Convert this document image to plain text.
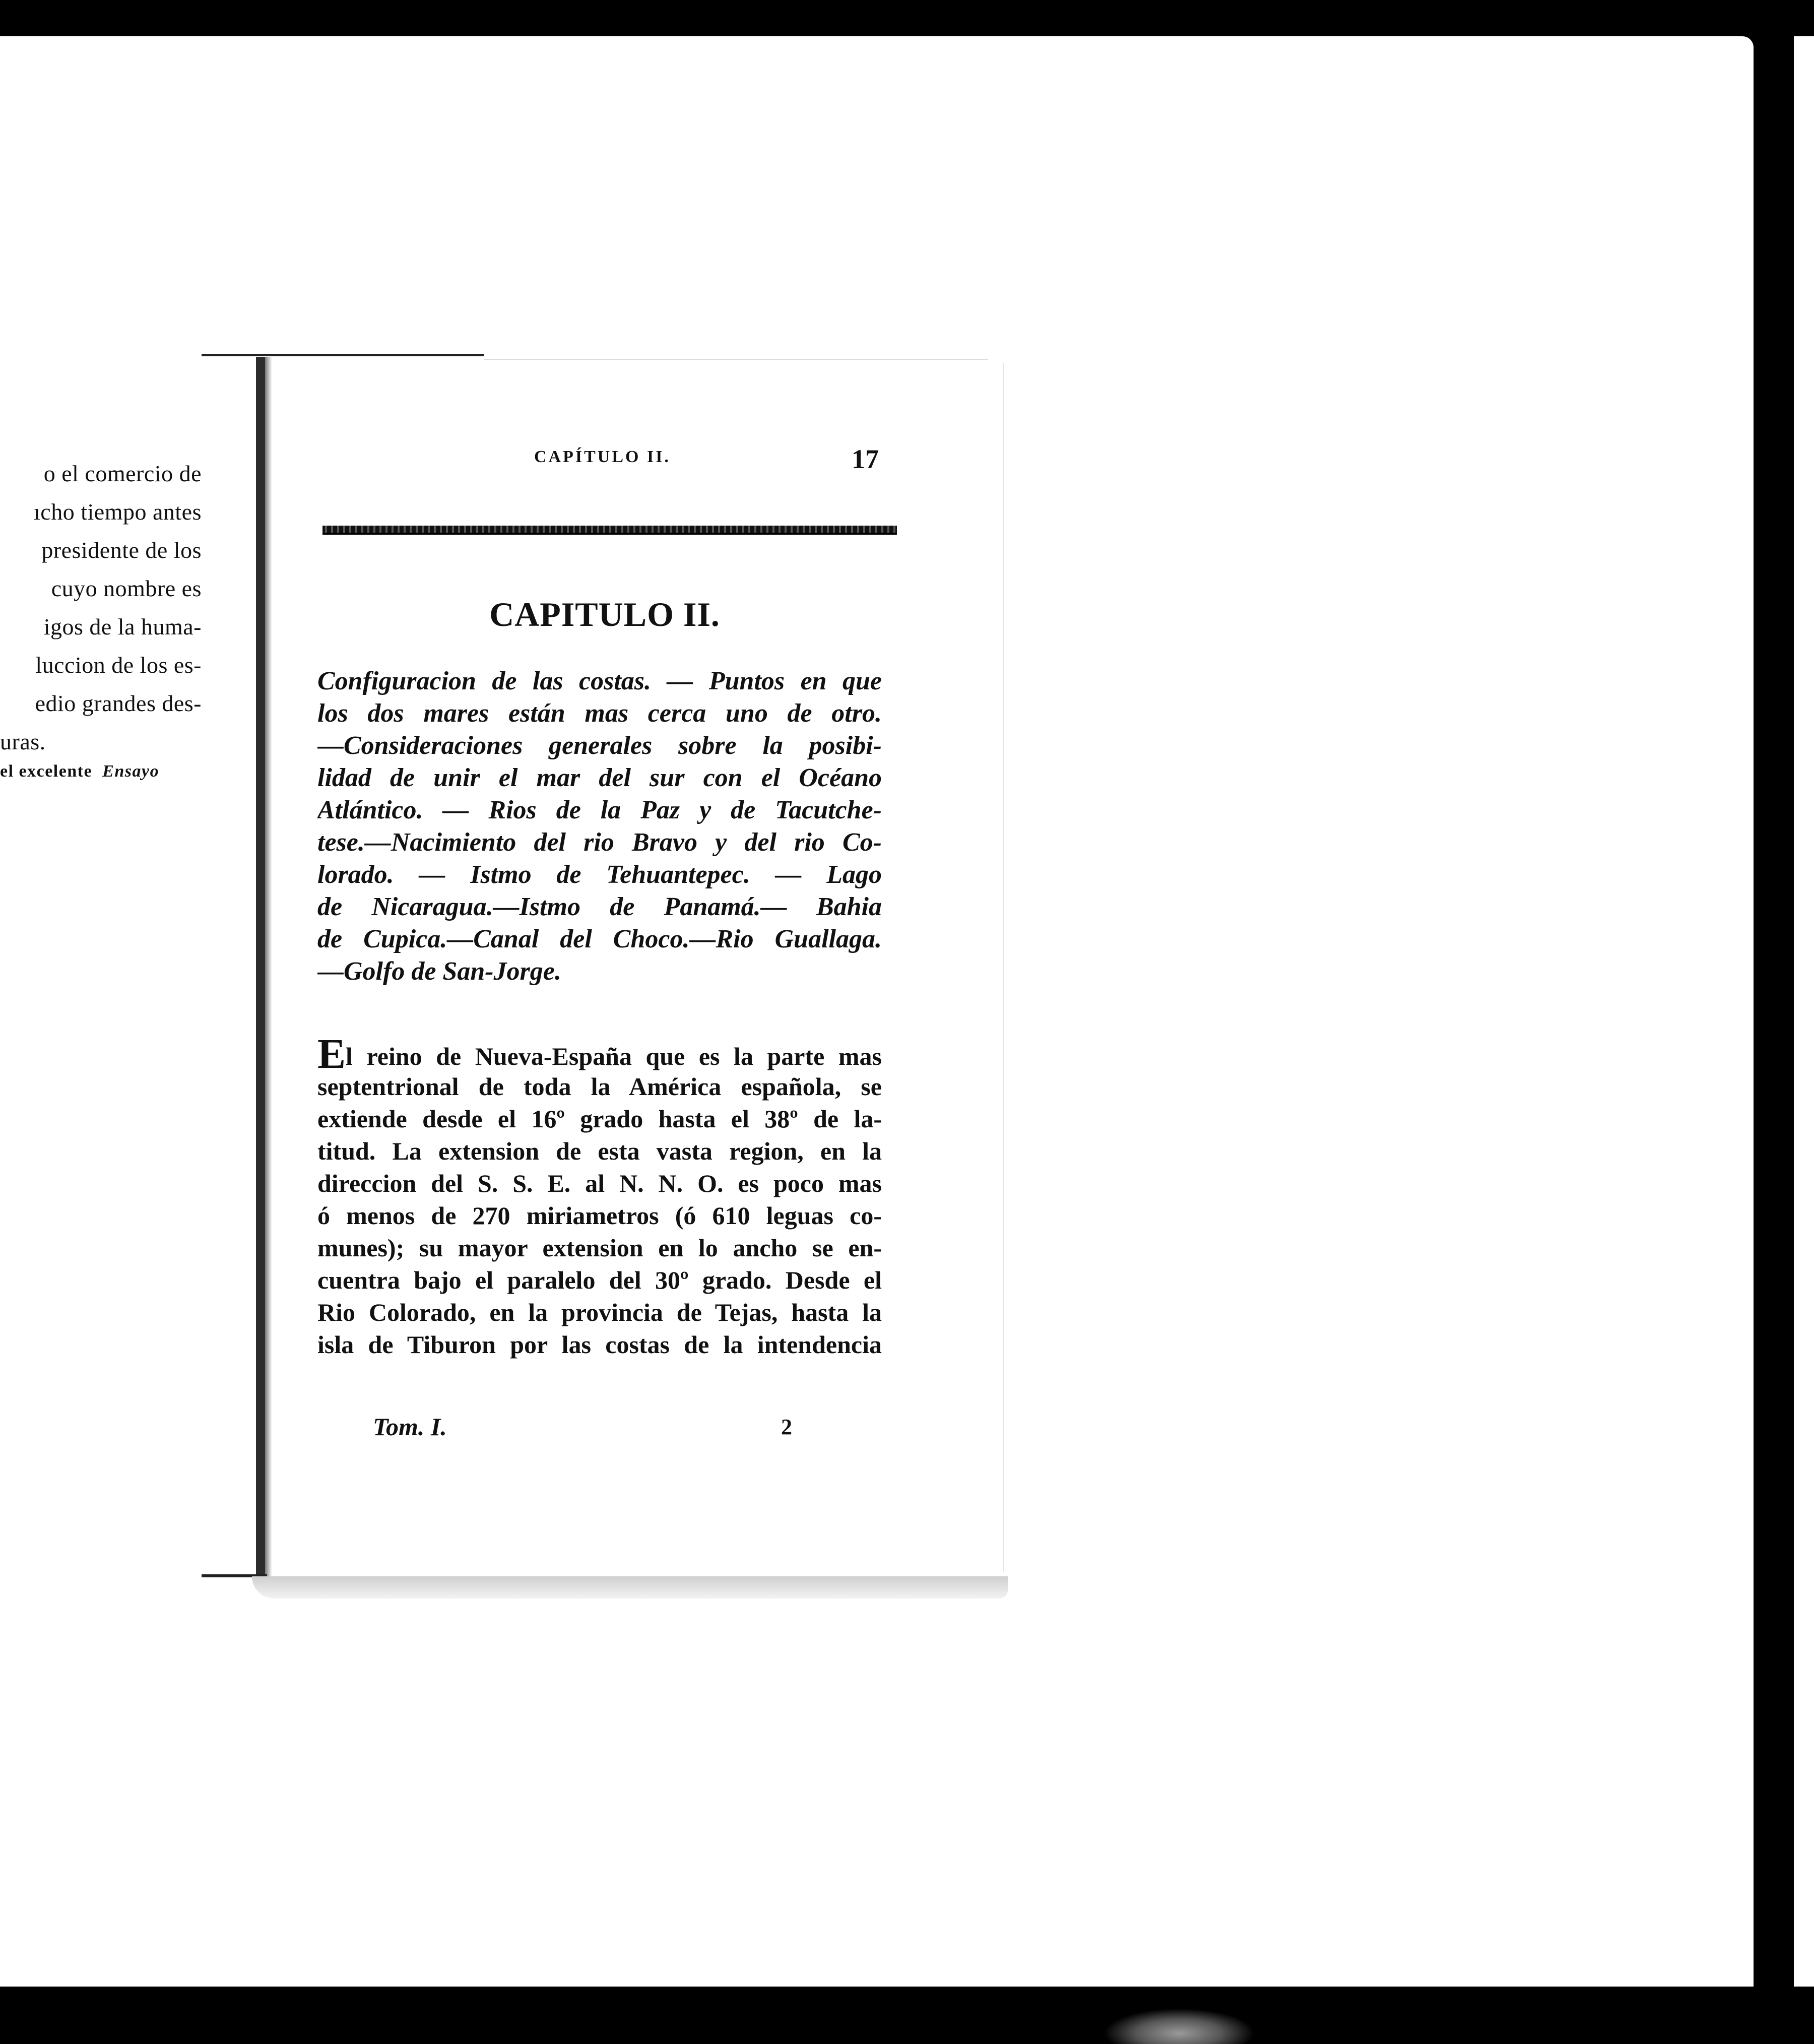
o el comercio de
ıcho tiempo antes
presidente de los
cuyo nombre es
igos de la huma-
luccion de los es-
edio grandes des-
uras.
el excelente Ensayo
CAPÍTULO II.	17
CAPITULO II.
Configuracion de las costas. — Puntos en que
los dos mares están mas cerca uno de otro.
—Consideraciones generales sobre la posibi-
lidad de unir el mar del sur con el Océano
Atlántico. — Rios de la Paz y de Tacutche-
tese.—Nacimiento del rio Bravo y del rio Co-
lorado. — Istmo de Tehuantepec. — Lago
de Nicaragua.—Istmo de Panamá.— Bahia
de Cupica.—Canal del Choco.—Rio Guallaga.
—Golfo de San-Jorge.
El reino de Nueva-España que es la parte mas
septentrional de toda la América española, se
extiende desde el 16º grado hasta el 38º de la-
titud. La extension de esta vasta region, en la
direccion del S. S. E. al N. N. O. es poco mas
ó menos de 270 miriametros (ó 610 leguas co-
munes); su mayor extension en lo ancho se en-
cuentra bajo el paralelo del 30º grado. Desde el
Rio Colorado, en la provincia de Tejas, hasta la
isla de Tiburon por las costas de la intendencia
Tom. I.	2
